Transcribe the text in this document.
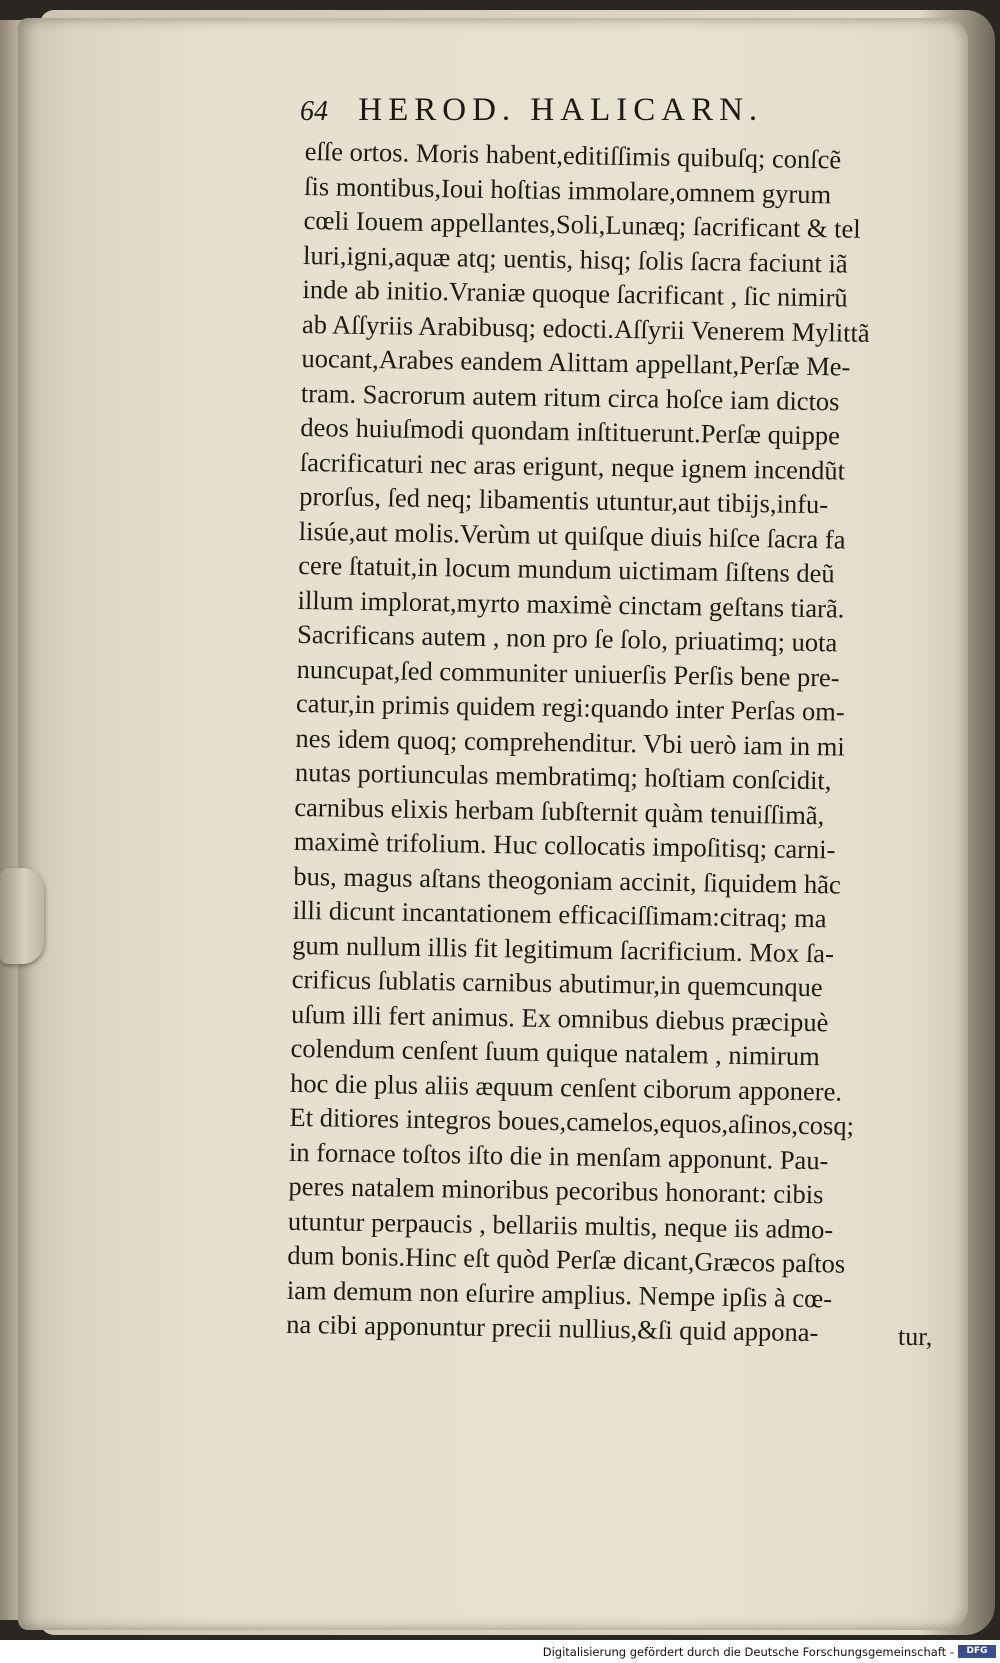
64 HEROD. HALICARN.
eſſe ortos. Moris habent,editiſſimis quibuſq; conſcẽ
ſis montibus,Ioui hoſtias immolare,omnem gyrum
cœli Iouem appellantes,Soli,Lunæq; ſacrificant & tel
luri,igni,aquæ atq; uentis, hisq; ſolis ſacra faciunt iã
inde ab initio.Vraniæ quoque ſacrificant , ſic nimirũ
ab Aſſyriis Arabibusq; edocti.Aſſyrii Venerem Mylittã
uocant,Arabes eandem Alittam appellant,Perſæ Me-
tram. Sacrorum autem ritum circa hoſce iam dictos
deos huiuſmodi quondam inſtituerunt.Perſæ quippe
ſacrificaturi nec aras erigunt, neque ignem incendũt
prorſus, ſed neq; libamentis utuntur,aut tibijs,infu-
lisúe,aut molis.Verùm ut quiſque diuis hiſce ſacra fa
cere ſtatuit,in locum mundum uictimam ſiſtens deũ
illum implorat,myrto maximè cinctam geſtans tiarã.
Sacrificans autem , non pro ſe ſolo, priuatimq; uota
nuncupat,ſed communiter uniuerſis Perſis bene pre-
catur,in primis quidem regi:quando inter Perſas om-
nes idem quoq; comprehenditur. Vbi uerò iam in mi
nutas portiunculas membratimq; hoſtiam conſcidit,
carnibus elixis herbam ſubſternit quàm tenuiſſimã,
maximè trifolium. Huc collocatis impoſitisq; carni-
bus, magus aſtans theogoniam accinit, ſiquidem hãc
illi dicunt incantationem efficaciſſimam:citraq; ma
gum nullum illis fit legitimum ſacrificium. Mox ſa-
crificus ſublatis carnibus abutimur,in quemcunque
uſum illi fert animus. Ex omnibus diebus præcipuè
colendum cenſent ſuum quique natalem , nimirum
hoc die plus aliis æquum cenſent ciborum apponere.
Et ditiores integros boues,camelos,equos,aſinos,cosq;
in fornace toſtos iſto die in menſam apponunt. Pau-
peres natalem minoribus pecoribus honorant: cibis
utuntur perpaucis , bellariis multis, neque iis admo-
dum bonis.Hinc eſt quòd Perſæ dicant,Græcos paſtos
iam demum non eſurire amplius. Nempe ipſis à cœ-
na cibi apponuntur precii nullius,&ſi quid appona-	tur,
Digitalisierung gefördert durch die Deutsche Forschungsgemeinschaft -	DFG
